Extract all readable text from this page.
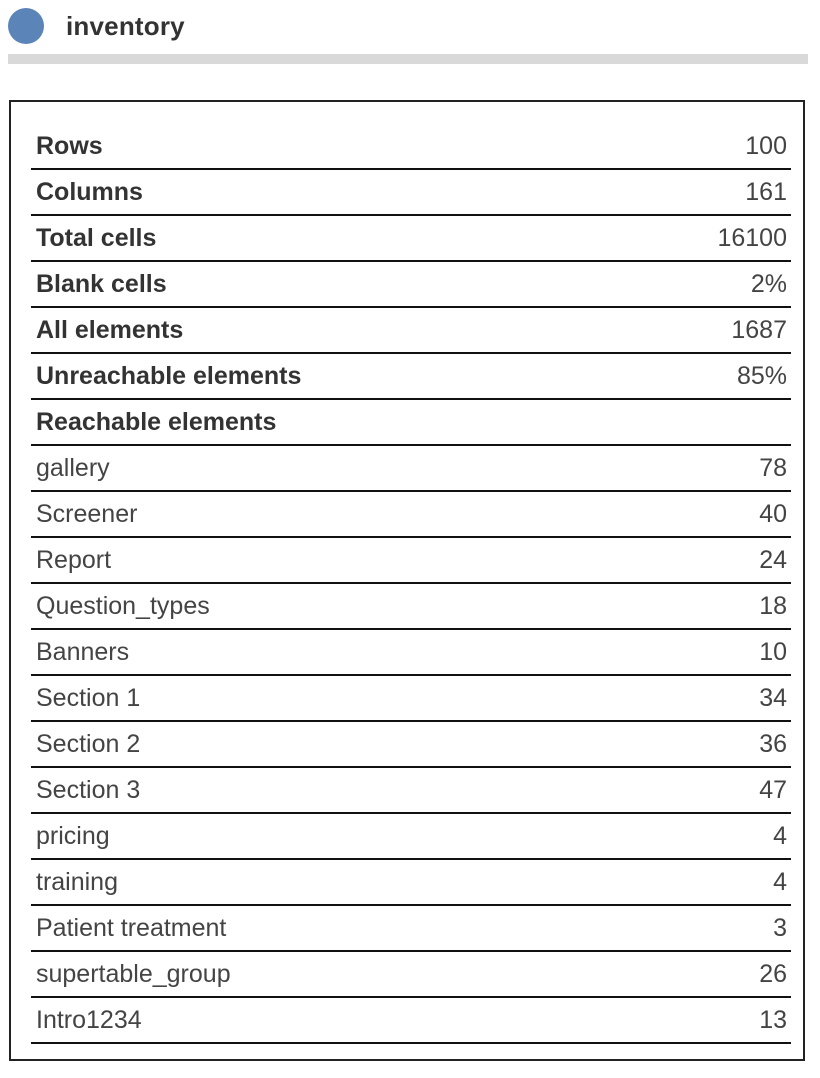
inventory
Rows	100
Columns	161
Total cells	16100
Blank cells	2%
All elements	1687
Unreachable elements	85%
Reachable elements
gallery	78
Screener	40
Report	24
Question_types	18
Banners	10
Section 1	34
Section 2	36
Section 3	47
pricing	4
training	4
Patient treatment	3
supertable_group	26
Intro1234	13
